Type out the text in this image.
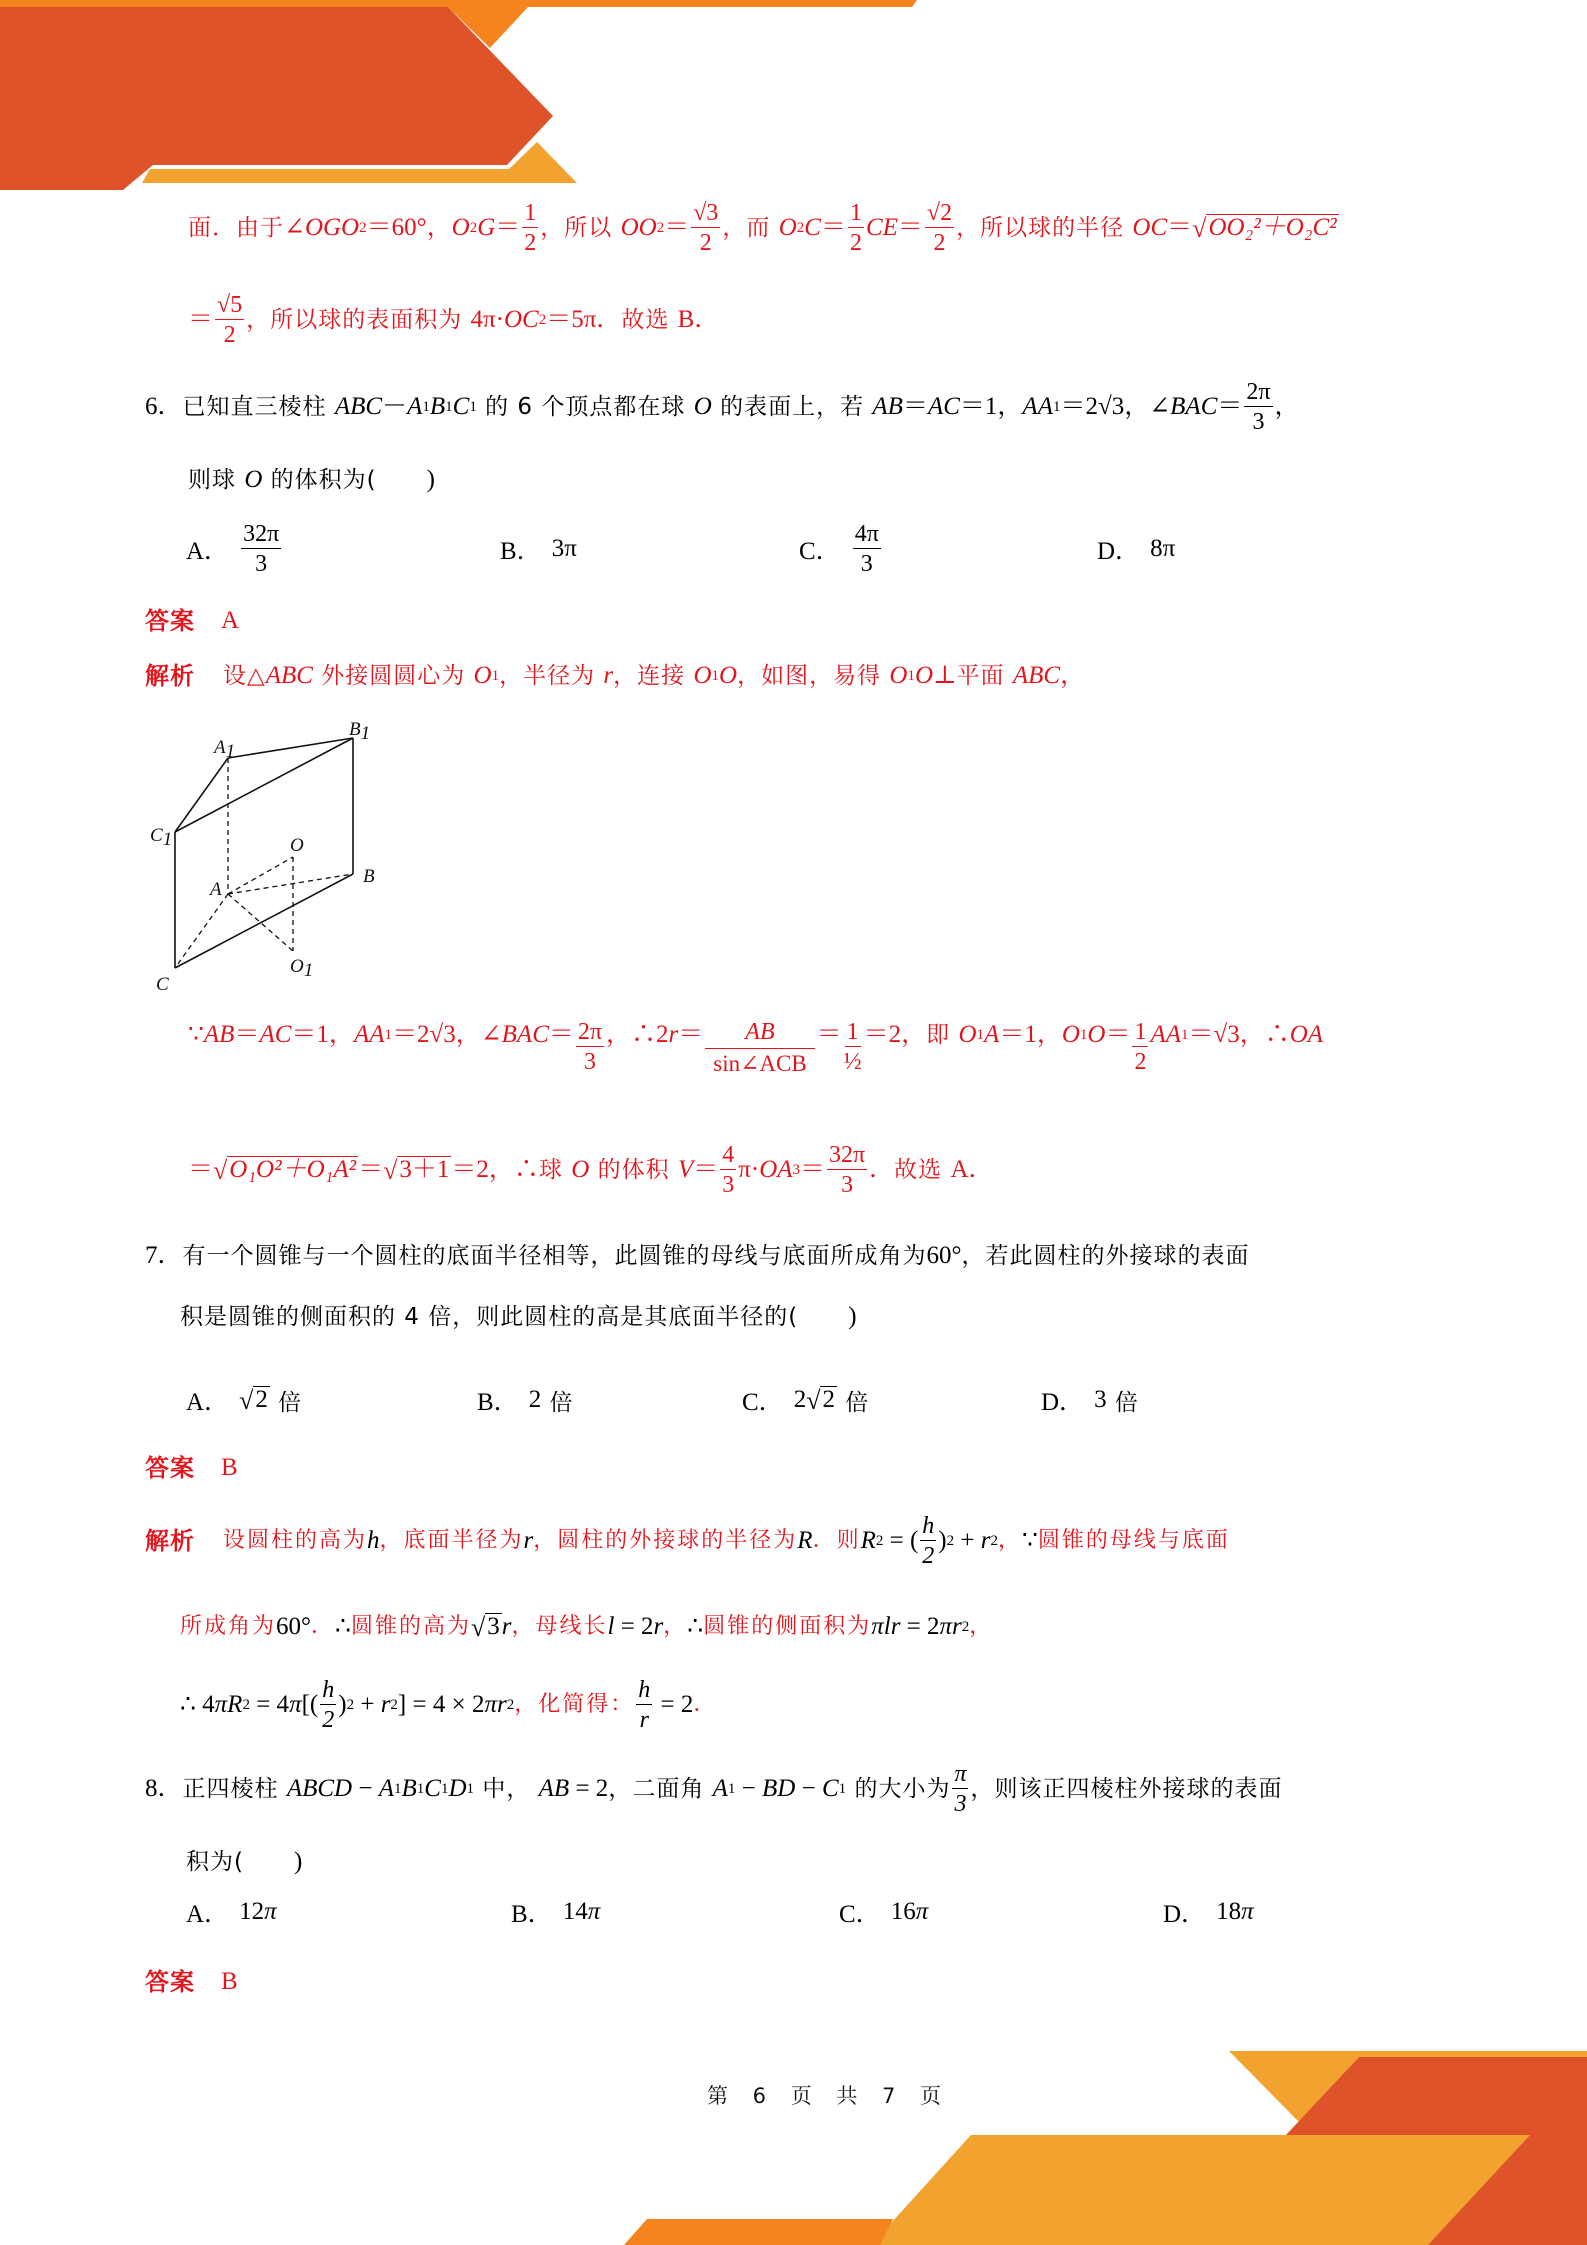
面．由于 ∠OGO 2 ＝60°， O 2 $G = \frac{1}{2}$ ，所以 OO $2 = \frac{√3}{2}$ ，而 O 2 $C = \frac{1}{2}$ CE ＝ $\frac{√2}{2}$ ，所以球的半径 OC ＝ √ OO₂²＋O₂C²
＝ $\frac{√5}{2}$ ，所以球的表面积为 4π· OC 2 ＝5π． 故选 B．
6． 已知直三棱柱 ABC － A 1 B 1 C 1 的 6 个顶点都在球 O 的表面上，若 AB ＝ AC ＝1， AA 1 ＝2√3， ∠BAC ＝ $\frac{2\pi}{3}$ ，
则球 O 的体积为( 　　)
A． $\frac{32\pi}{3}$	B． 3π	C． $\frac{4\pi}{3}$	D． 8π
答案 A
解析 设△ ABC 外接圆圆心为 O 1 ，半径为 r ，连接 O 1 O ，如图，易得 O 1 O ⊥ 平面 ABC ，
A1
B1
C1
A
B
C
O
O1
∵ AB ＝ AC ＝1， AA 1 ＝2√3， ∠BAC ＝ $\frac{2\pi}{3}$ ，∴2 $r = \frac{AB}{\text{sin∠ACB}} = \frac{1}{\text{½}} =2$， 即 O 1 A ＝1， O 1 $O = \frac{1}{2}$ AA 1 ＝√3，∴ OA
＝ √ O₁O²＋O₁A² ＝ √ 3＋1 ＝2，∴ 球 O 的体积 $V = \frac{4}{3} \pi\cdot$ OA $3 = \frac{32\pi}{3}$ ． 故选 A．
7． 有一个圆锥与一个圆柱的底面半径相等，此圆锥的母线与底面所成角为 60° ，若此圆柱的外接球的表面
积是圆锥的侧面积的 4 倍，则此圆柱的高是其底面半径的( 　　)
A． √ 2 倍	B． 2 倍	C． 2 √ 2 倍	D． 3 倍
答案 B
解析 设圆柱的高为 h ，底面半径为 r ，圆柱的外接球的半径为 R ．则 R 2 = ( $\frac{h}{2}$ ) 2 + r 2 ， ∵ 圆锥的母线与底面
所成角为 60° ． ∴ 圆锥的高为 √ 3 r ，母线长 l = 2 r ， ∴ 圆锥的侧面积为 πlr = 2 πr 2 ，
∴ 4 πR 2 = 4 π [( $\frac{h}{2}$ ) 2 + r 2 ] = 4 × 2 πr 2 ，化简得： $\frac{h}{r} = 2$ ．
8． 正四棱柱 ABCD − A 1 B 1 C 1 D 1 中， AB = 2 ，二面角 A 1 − BD − C 1 的大小为 $\frac{\pi}{3}$ ，则该正四棱柱外接球的表面
积为( 　　)
A． 12 π	B． 14 π	C． 16 π	D． 18 π
答案 B
第 6 页 共 7 页
